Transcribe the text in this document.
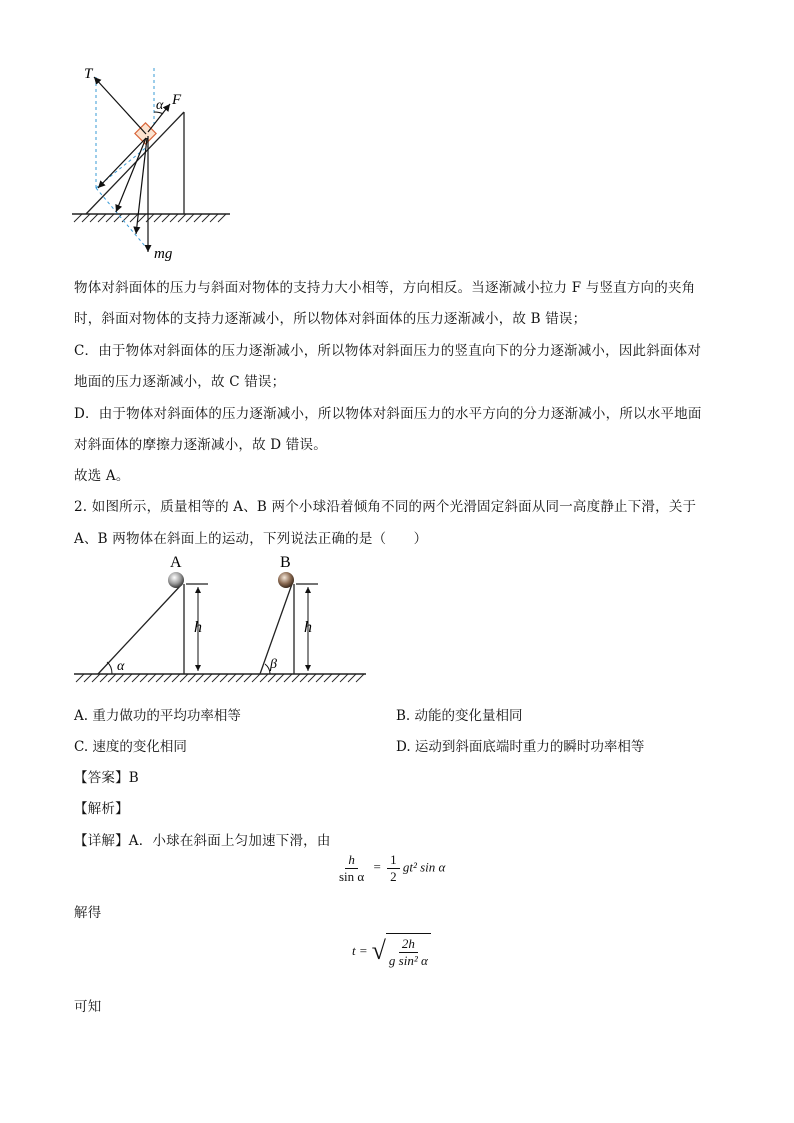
T
α F
mg
物体对斜面体的压力与斜面对物体的支持力大小相等，方向相反。当逐渐减小拉力 F 与竖直方向的夹角
时，斜面对物体的支持力逐渐减小，所以物体对斜面体的压力逐渐减小，故 B 错误；
C．由于物体对斜面体的压力逐渐减小，所以物体对斜面压力的竖直向下的分力逐渐减小，因此斜面体对
地面的压力逐渐减小，故 C 错误；
D．由于物体对斜面体的压力逐渐减小，所以物体对斜面压力的水平方向的分力逐渐减小，所以水平地面
对斜面体的摩擦力逐渐减小，故 D 错误。
故选 A。
2. 如图所示，质量相等的 A、B 两个小球沿着倾角不同的两个光滑固定斜面从同一高度静止下滑，关于
A、B 两物体在斜面上的运动，下列说法正确的是（　　）
A	B
h	h
α	β
A. 重力做功的平均功率相等	B. 动能的变化量相同
C. 速度的变化相同	D. 运动到斜面底端时重力的瞬时功率相等
【答案】B
【解析】
【详解】A．小球在斜面上匀加速下滑，由
$\frac{h}{\text{sin α}} = \frac{1}{2} gt^2$ sin α
解得
t = √ $\frac{2h}{\text{g sin² α}}$
可知
